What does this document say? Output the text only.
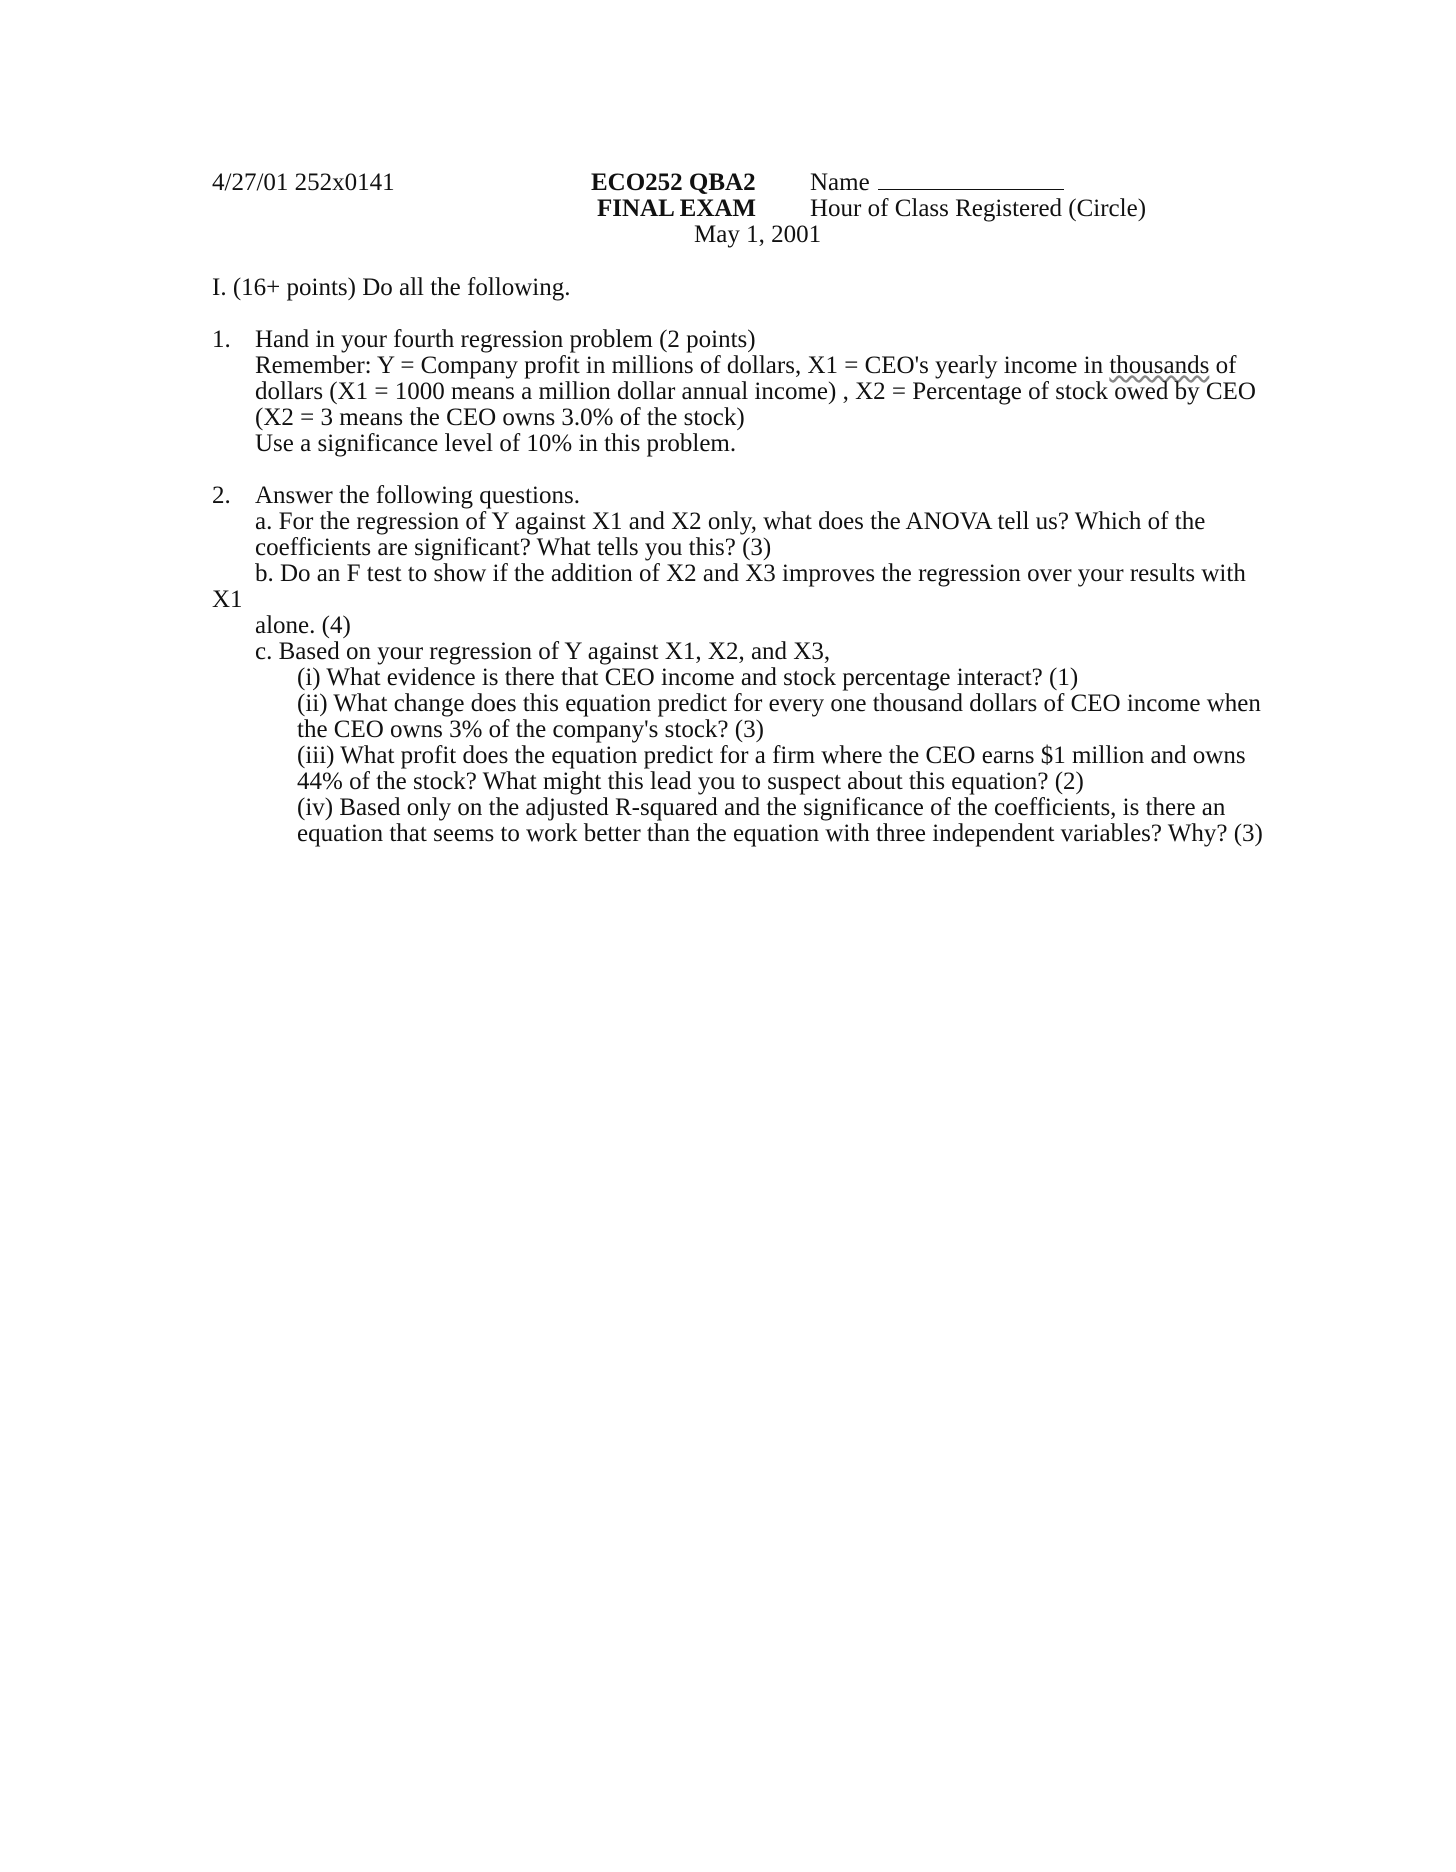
4/27/01 252x0141	ECO252 QBA2
FINAL EXAM
May 1, 2001
Name
Hour of Class Registered (Circle)
I. (16+ points) Do all the following.
1. Hand in your fourth regression problem (2 points)
Remember: Y = Company profit in millions of dollars, X1 = CEO's yearly income in thousands of
dollars (X1 = 1000 means a million dollar annual income) , X2 = Percentage of stock owed by CEO
(X2 = 3 means the CEO owns 3.0% of the stock)
Use a significance level of 10% in this problem.
2. Answer the following questions.
a. For the regression of Y against X1 and X2 only, what does the ANOVA tell us? Which of the
coefficients are significant? What tells you this? (3)
b. Do an F test to show if the addition of X2 and X3 improves the regression over your results with
X1
alone. (4)
c. Based on your regression of Y against X1, X2, and X3,
(i) What evidence is there that CEO income and stock percentage interact? (1)
(ii) What change does this equation predict for every one thousand dollars of CEO income when
the CEO owns 3% of the company's stock? (3)
(iii) What profit does the equation predict for a firm where the CEO earns $1 million and owns
44% of the stock? What might this lead you to suspect about this equation? (2)
(iv) Based only on the adjusted R-squared and the significance of the coefficients, is there an
equation that seems to work better than the equation with three independent variables? Why? (3)
